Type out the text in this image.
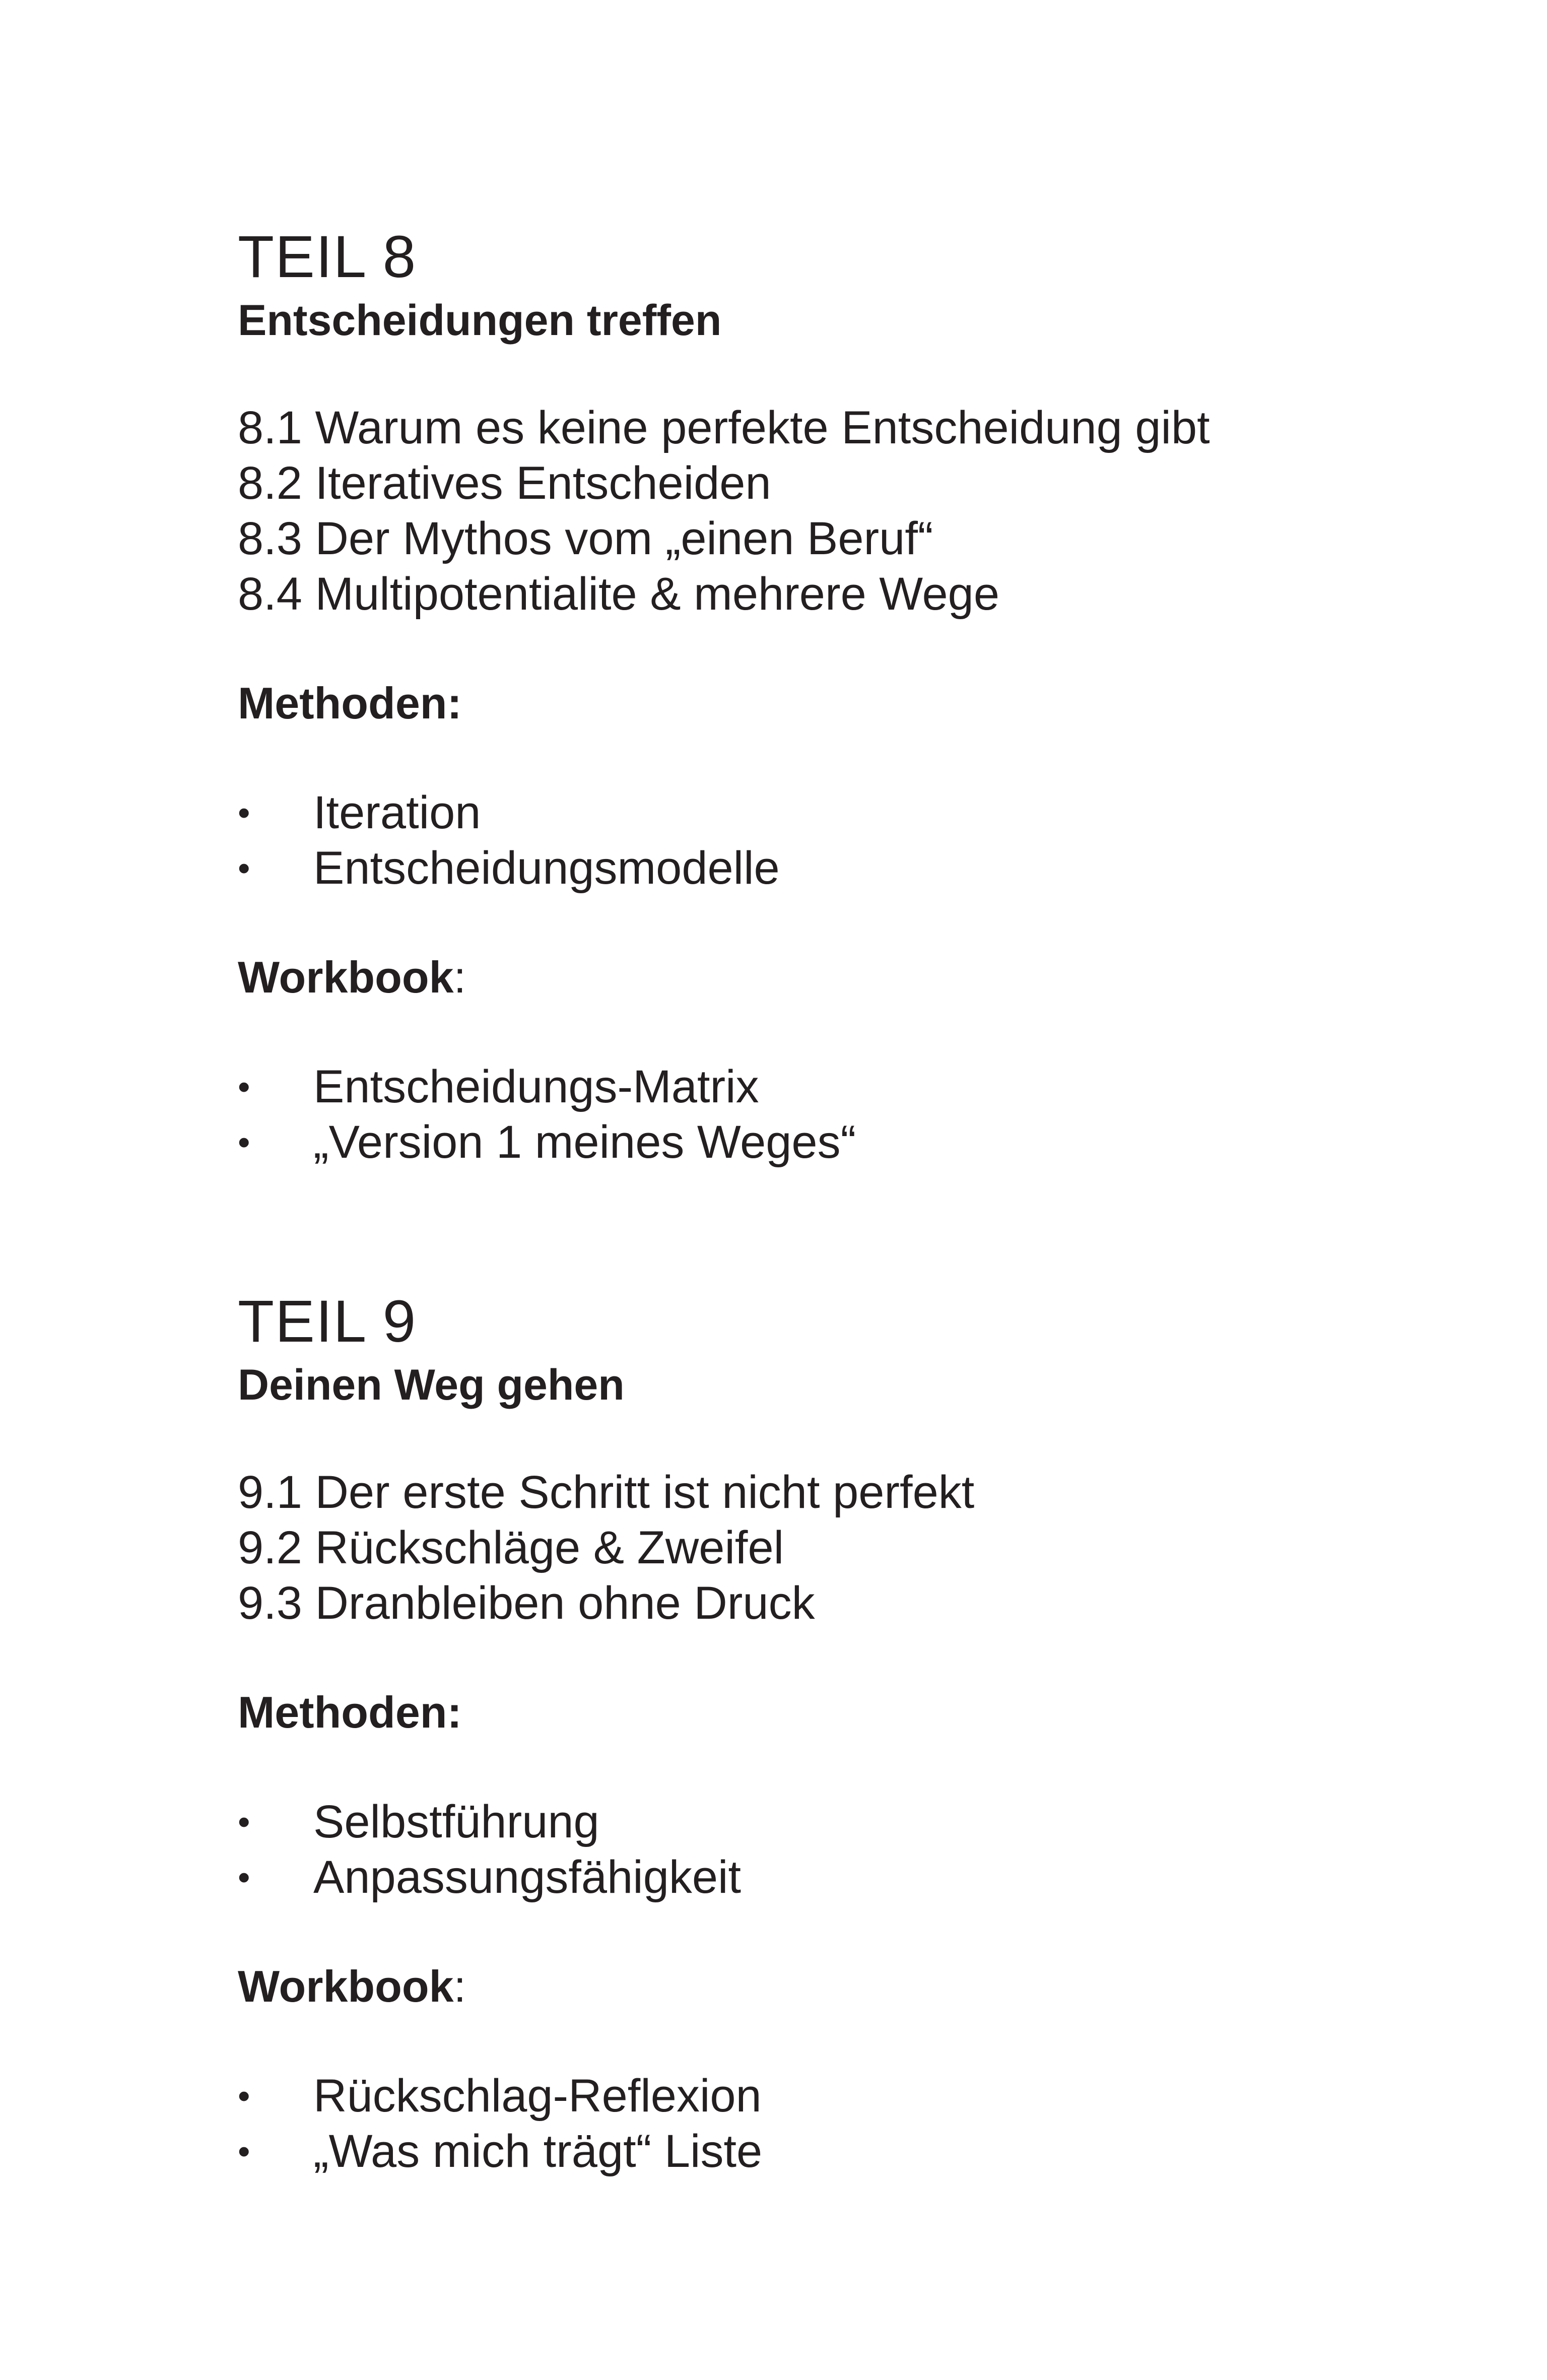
TEIL 8
Entscheidungen treffen
8.1 Warum es keine perfekte Entscheidung gibt
8.2 Iteratives Entscheiden
8.3 Der Mythos vom „einen Beruf“
8.4 Multipotentialite & mehrere Wege

Methoden:

• Iteration
• Entscheidungsmodelle

Workbook:

• Entscheidungs-Matrix
• „Version 1 meines Weges“
TEIL 9
Deinen Weg gehen
9.1 Der erste Schritt ist nicht perfekt
9.2 Rückschläge & Zweifel
9.3 Dranbleiben ohne Druck

Methoden:

• Selbstführung
• Anpassungsfähigkeit

Workbook:

• Rückschlag-Reflexion
• „Was mich trägt“ Liste
